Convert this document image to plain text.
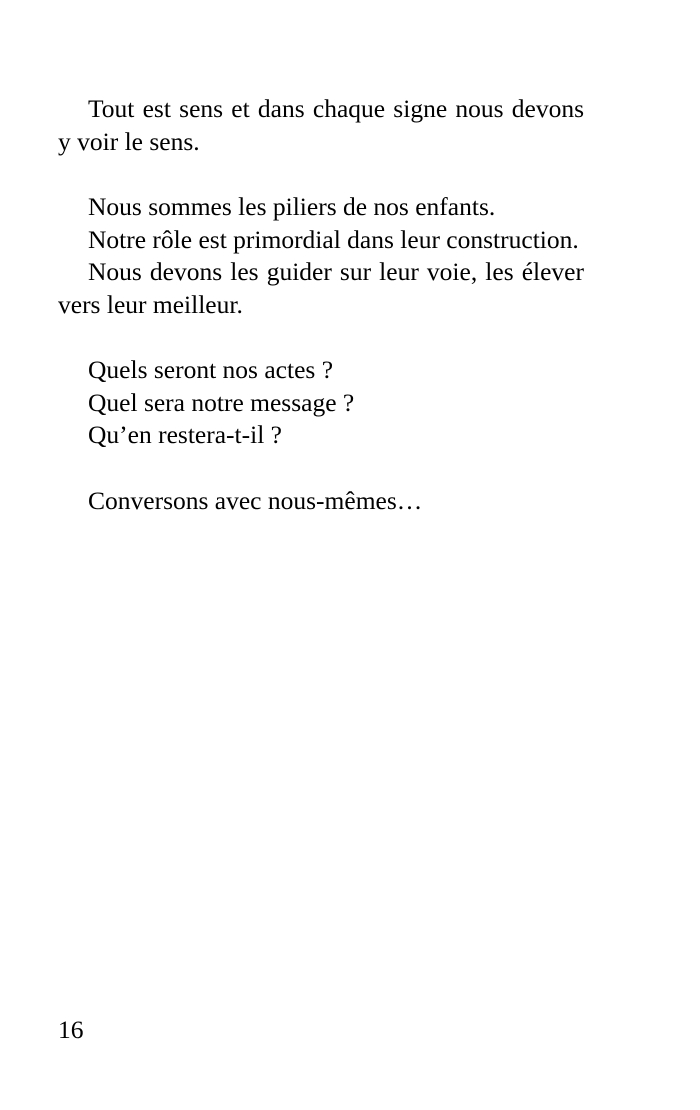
Tout est sens et dans chaque signe nous devons y voir le sens.

Nous sommes les piliers de nos enfants.

Notre rôle est primordial dans leur construction.

Nous devons les guider sur leur voie, les élever vers leur meilleur.

Quels seront nos actes ?

Quel sera notre message ?

Qu’en restera-t-il ?

Conversons avec nous-mêmes…

16
